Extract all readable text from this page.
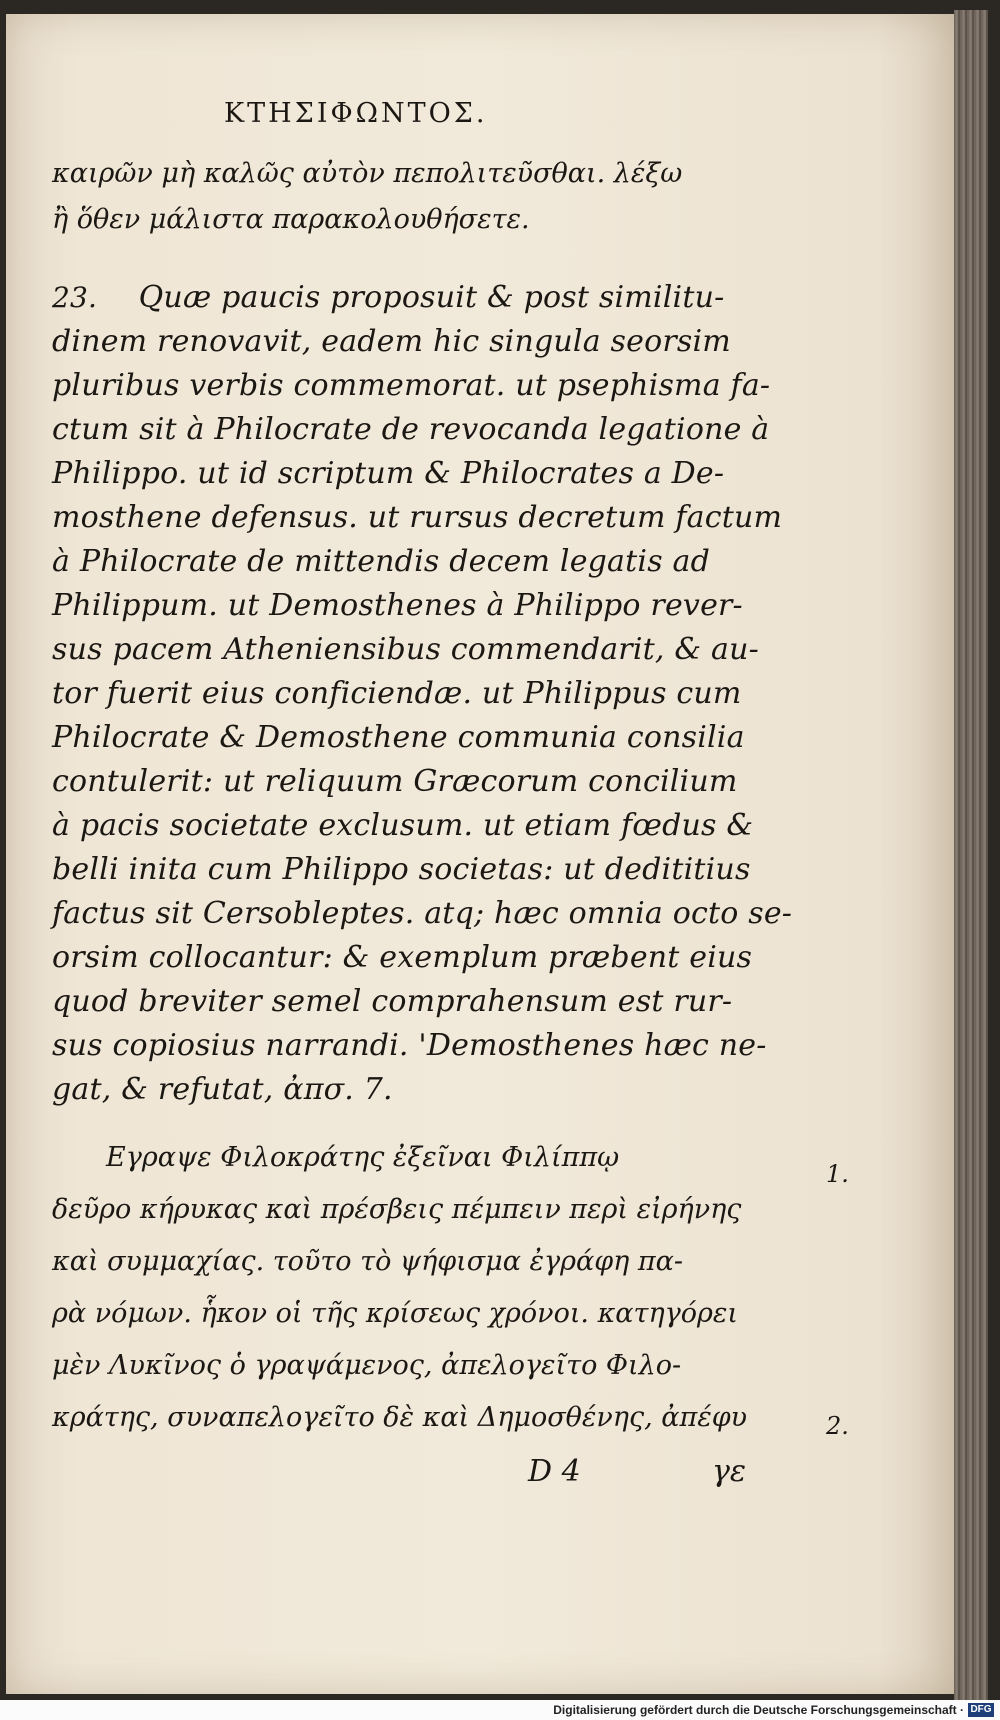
ΚΤΗΣΙΦΩΝΤΟΣ.
καιρῶν μὴ καλῶς αὐτὸν πεπολιτεῦσθαι. λέξω
ἢ ὅθεν μάλιστα παρακολουθήσετε.
23. Quæ paucis proposuit & post similitu-
dinem renovavit, eadem hic singula seorsim
pluribus verbis commemorat. ut psephisma fa-
ctum sit à Philocrate de revocanda legatione à
Philippo. ut id scriptum & Philocrates a De-
mosthene defensus. ut rursus decretum factum
à Philocrate de mittendis decem legatis ad
Philippum. ut Demosthenes à Philippo rever-
sus pacem Atheniensibus commendarit, & au-
tor fuerit eius conficiendæ. ut Philippus cum
Philocrate & Demosthene communia consilia
contulerit: ut reliquum Græcorum concilium
à pacis societate exclusum. ut etiam fœdus &
belli inita cum Philippo societas: ut dedititius
factus sit Cersobleptes. atq; hæc omnia octo se-
orsim collocantur: & exemplum præbent eius
quod breviter semel comprahensum est rur-
sus copiosius narrandi. 'Demosthenes hæc ne-
gat, & refutat, ἀπσ. 7.
Εγραψε Φιλοκράτης ἐξεῖναι Φιλίππῳ
δεῦρο κήρυκας καὶ πρέσβεις πέμπειν περὶ εἰρήνης
καὶ συμμαχίας. τοῦτο τὸ ψήφισμα ἐγράφη πα-
ρὰ νόμων. ἧκον οἱ τῆς κρίσεως χρόνοι. κατηγόρει
μὲν Λυκῖνος ὁ γραψάμενος, ἀπελογεῖτο Φιλο-
κράτης, συναπελογεῖτο δὲ καὶ Δημοσθένης, ἀπέφυ
1.
2.
D 4	γε
Digitalisierung gefördert durch die Deutsche Forschungsgemeinschaft · DFG
